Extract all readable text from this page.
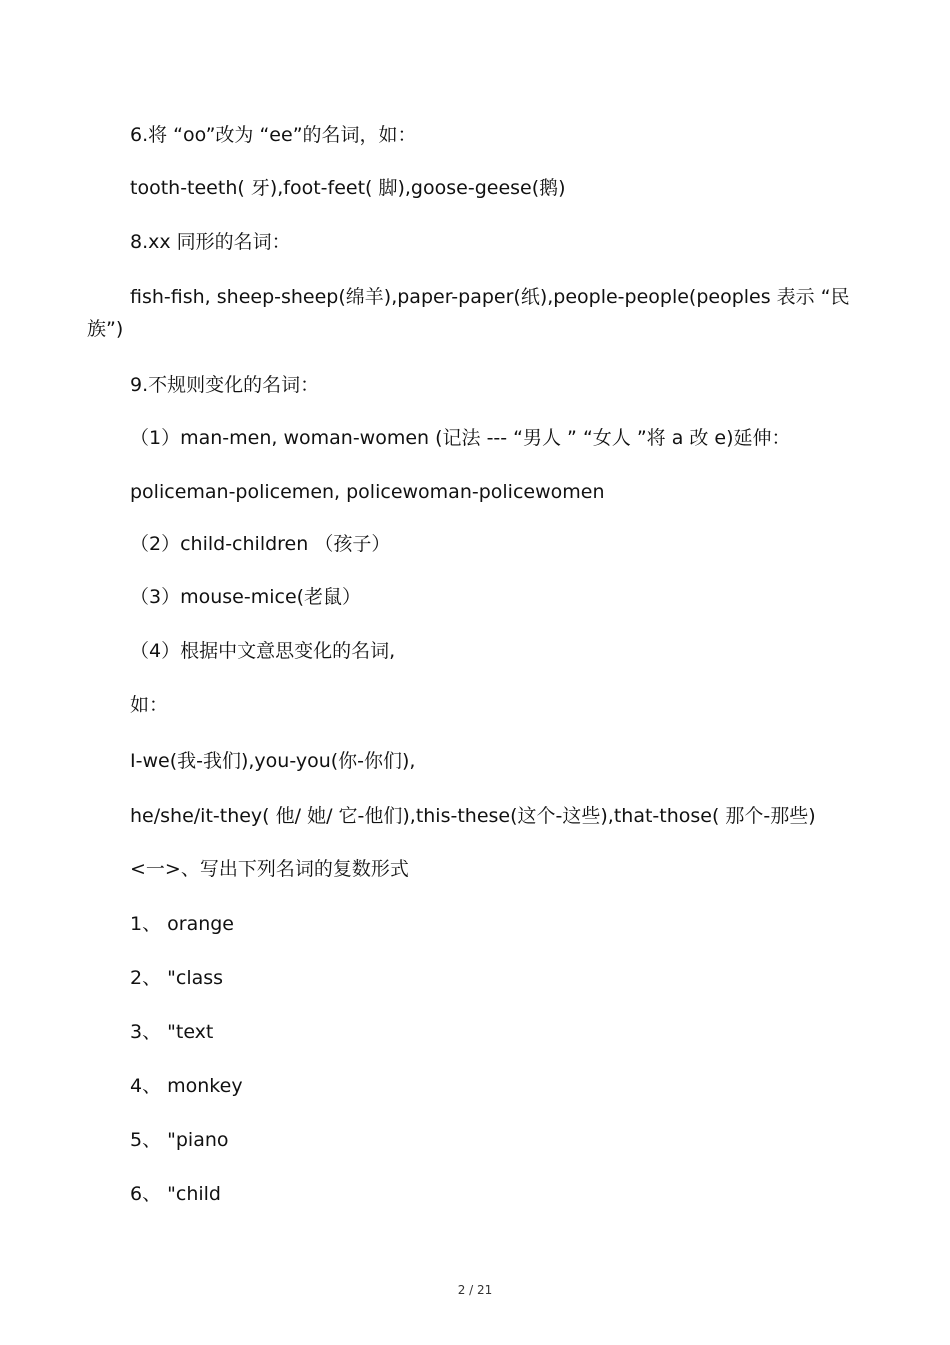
6.将 “oo”改为 “ee”的名词，如：
tooth-teeth( 牙),foot-feet( 脚),goose-geese(鹅)
8.xx 同形的名词：
fish-fish, sheep-sheep(绵羊),paper-paper(纸),people-people(peoples 表示 “民
族”)
9.不规则变化的名词：
（1）man-men, woman-women (记法 --- “男人 ” “女人 ”将 a 改 e)延伸：
policeman-policemen, policewoman-policewomen
（2）child-children （孩子）
（3）mouse-mice(老鼠）
（4）根据中文意思变化的名词,
如：
I-we(我-我们),you-you(你-你们),
he/she/it-they( 他/ 她/ 它-他们),this-these(这个-这些),that-those( 那个-那些)
<一>、写出下列名词的复数形式
1、 orange
2、 "class
3、 "text
4、 monkey
5、 "piano
6、 "child
2 / 21
